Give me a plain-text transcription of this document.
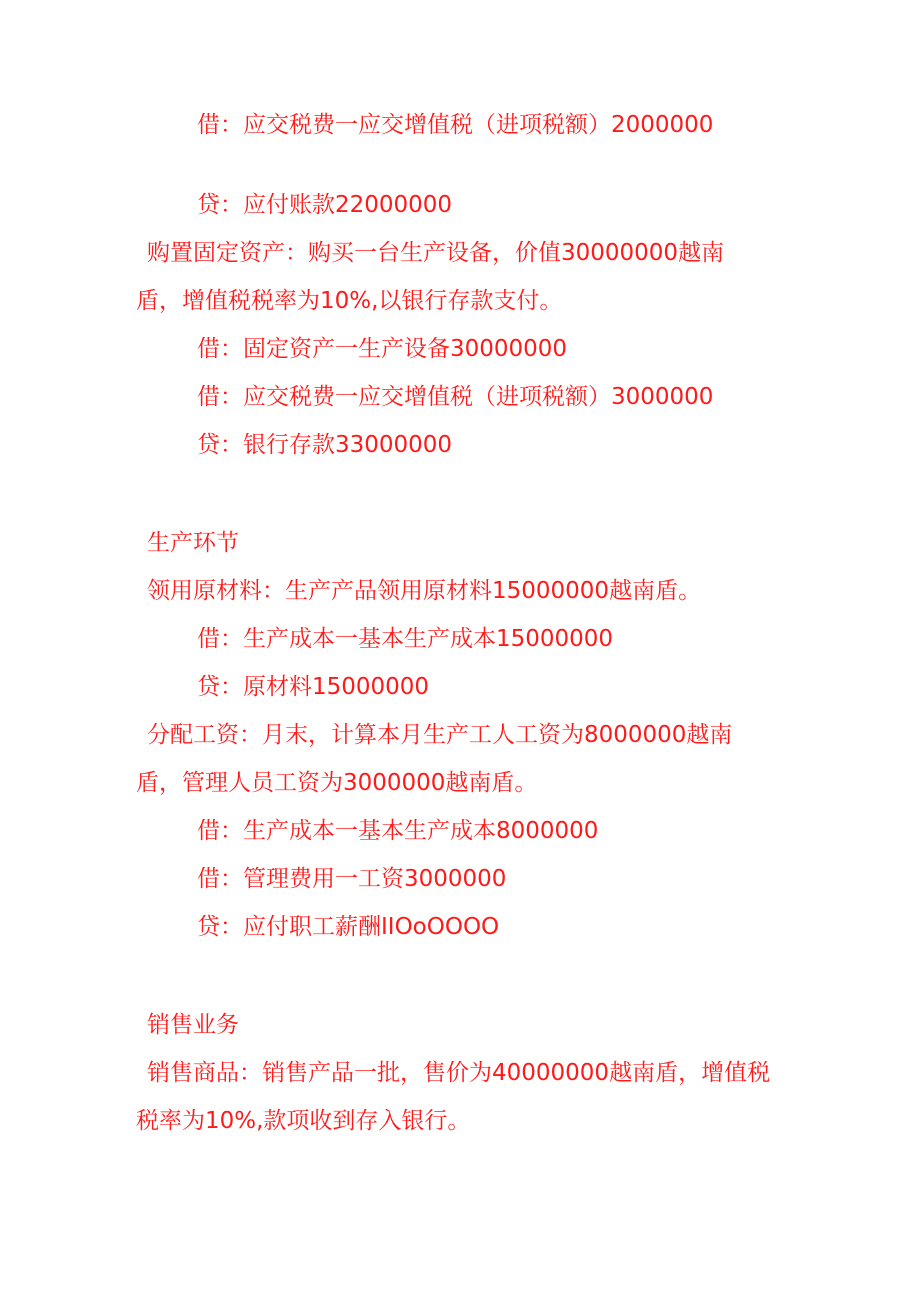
借：应交税费一应交增值税（进项税额）2000000
贷：应付账款22000000
购置固定资产：购买一台生产设备，价值30000000越南
盾，增值税税率为10%,以银行存款支付。
借：固定资产一生产设备30000000
借：应交税费一应交增值税（进项税额）3000000
贷：银行存款33000000
生产环节
领用原材料：生产产品领用原材料15000000越南盾。
借：生产成本一基本生产成本15000000
贷：原材料15000000
分配工资：月末，计算本月生产工人工资为8000000越南
盾，管理人员工资为3000000越南盾。
借：生产成本一基本生产成本8000000
借：管理费用一工资3000000
贷：应付职工薪酬IIOoOOOO
销售业务
销售商品：销售产品一批，售价为40000000越南盾，增值税
税率为10%,款项收到存入银行。
